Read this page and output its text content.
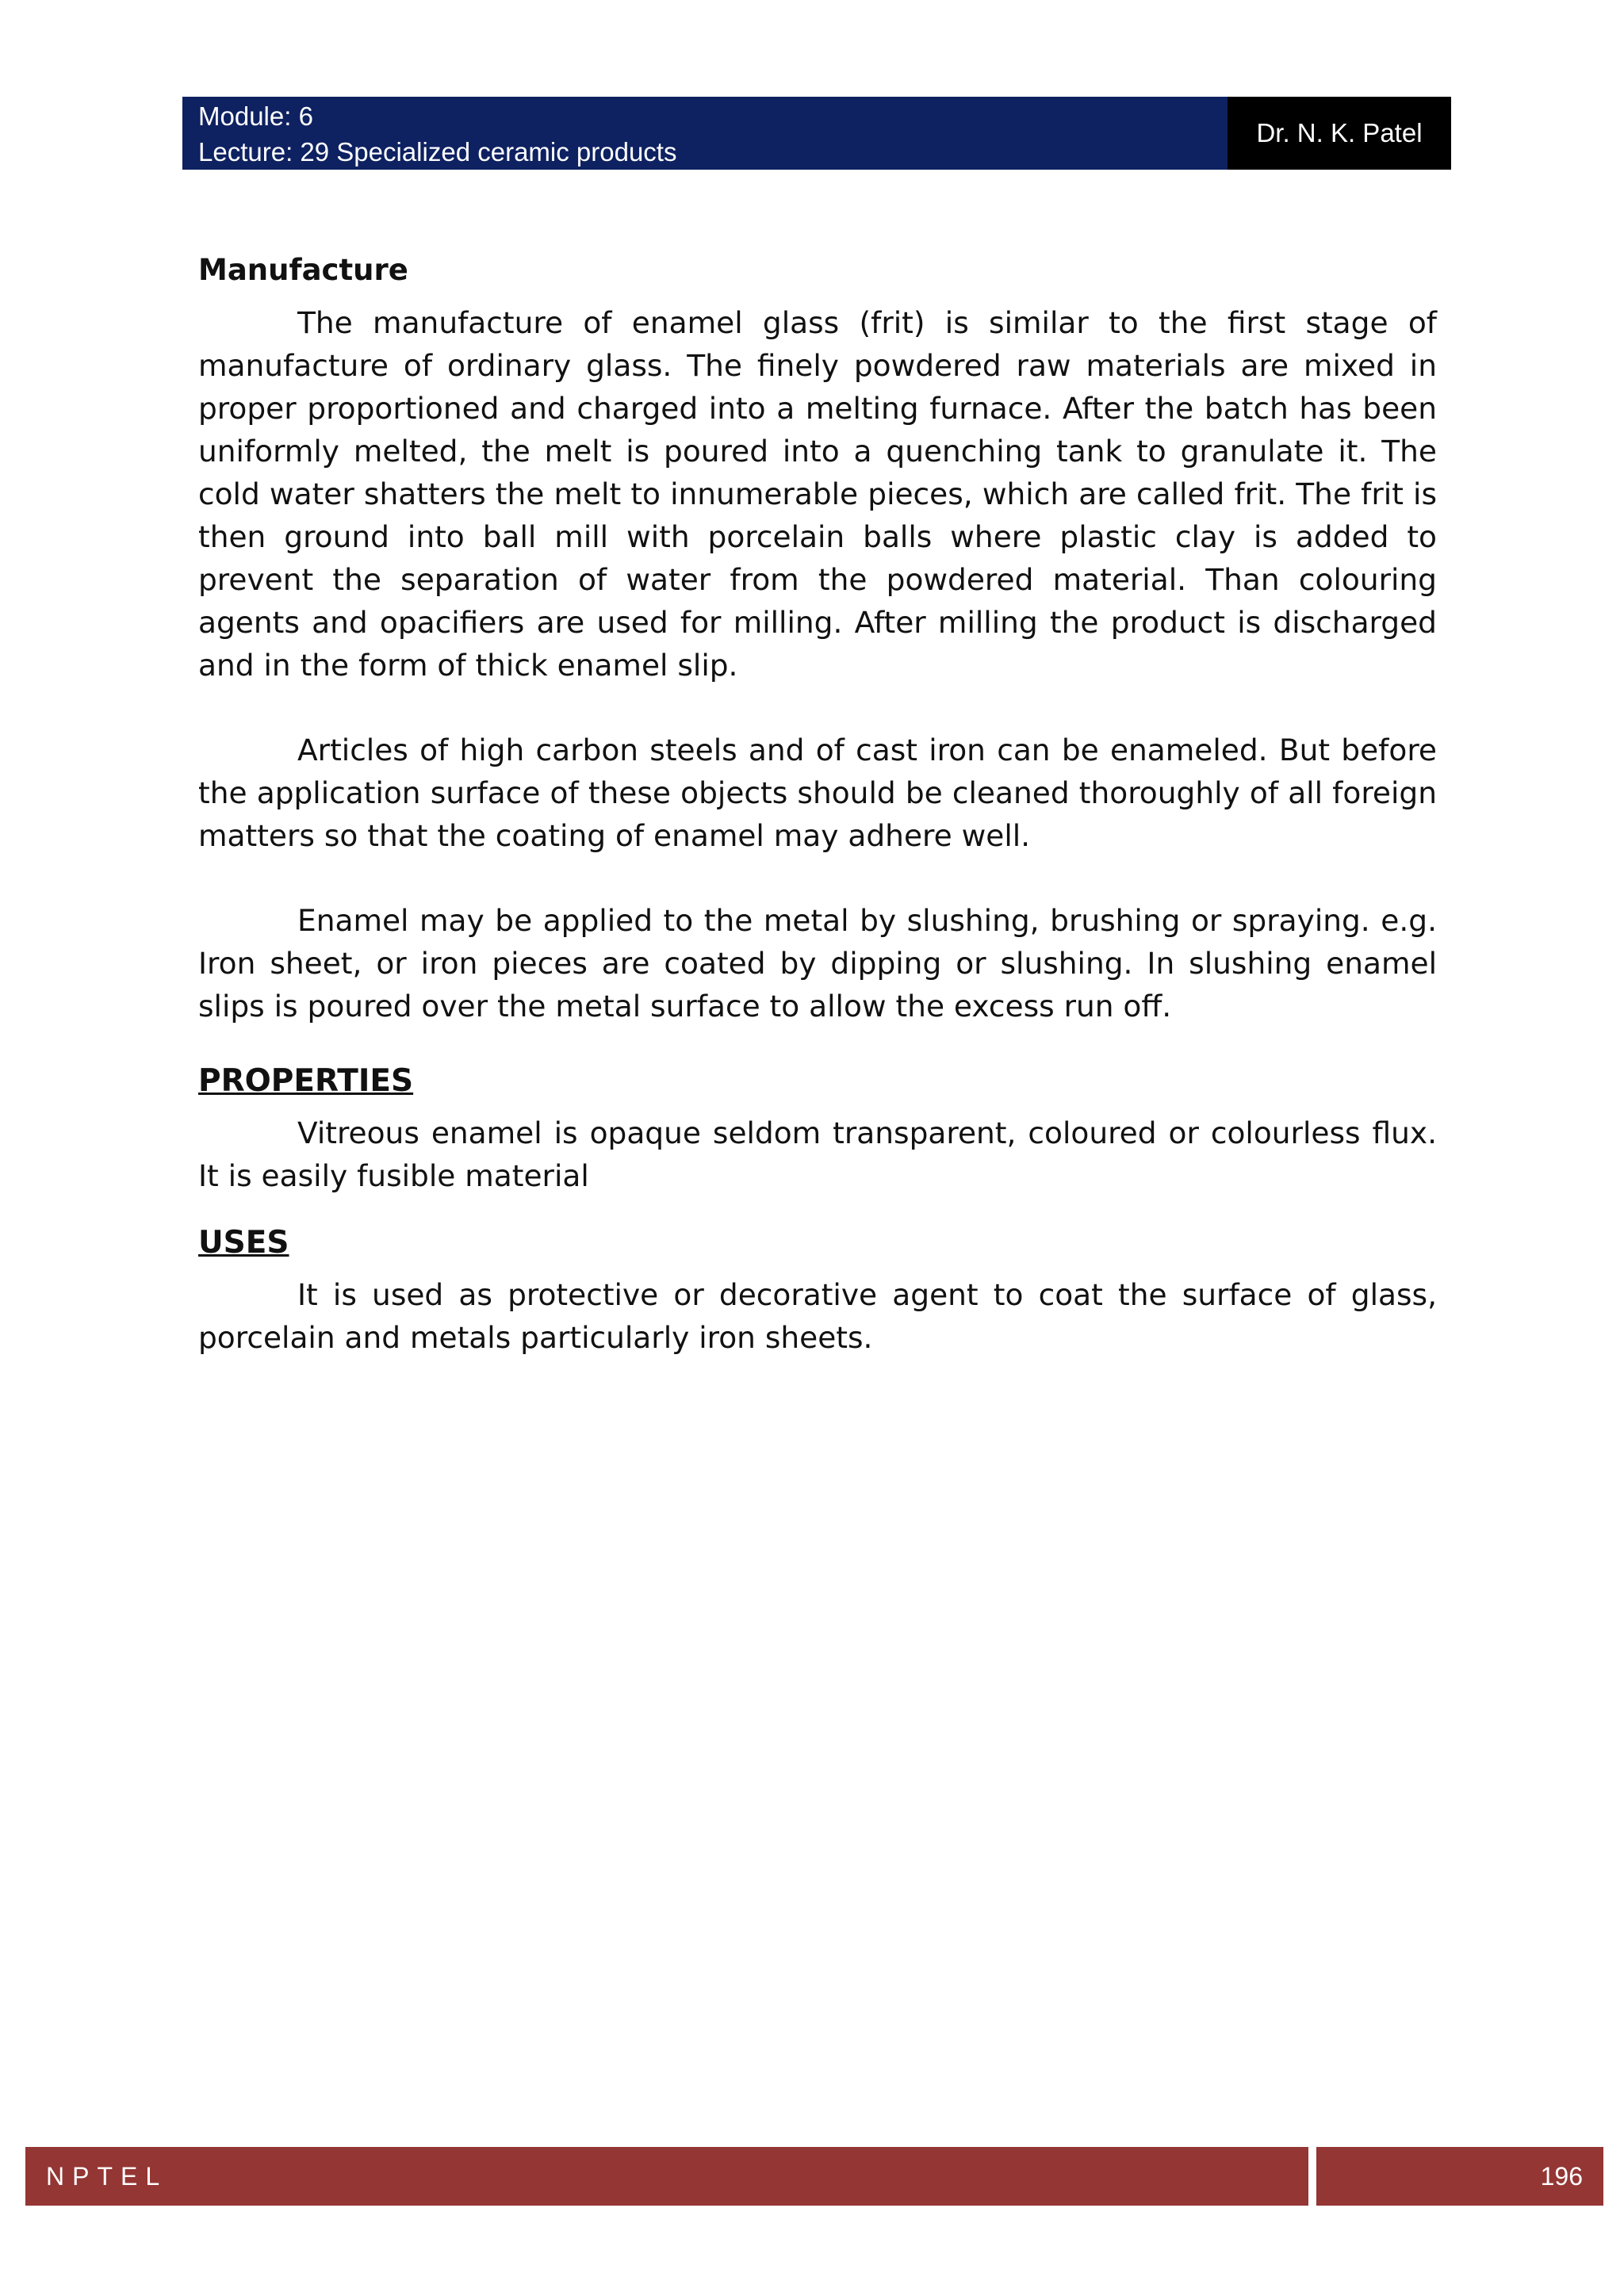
Module: 6
Lecture: 29 Specialized ceramic products
Dr. N. K. Patel
Manufacture

The manufacture of enamel glass (frit) is similar to the first stage of manufacture of ordinary glass. The finely powdered raw materials are mixed in proper proportioned and charged into a melting furnace. After the batch has been uniformly melted, the melt is poured into a quenching tank to granulate it. The cold water shatters the melt to innumerable pieces, which are called frit. The frit is then ground into ball mill with porcelain balls where plastic clay is added to prevent the separation of water from the powdered material. Than colouring agents and opacifiers are used for milling. After milling the product is discharged and in the form of thick enamel slip.

Articles of high carbon steels and of cast iron can be enameled. But before the application surface of these objects should be cleaned thoroughly of all foreign matters so that the coating of enamel may adhere well.

Enamel may be applied to the metal by slushing, brushing or spraying. e.g. Iron sheet, or iron pieces are coated by dipping or slushing. In slushing enamel slips is poured over the metal surface to allow the excess run off.

PROPERTIES

Vitreous enamel is opaque seldom transparent, coloured or colourless flux. It is easily fusible material

USES

It is used as protective or decorative agent to coat the surface of glass, porcelain and metals particularly iron sheets.

NPTEL	196
